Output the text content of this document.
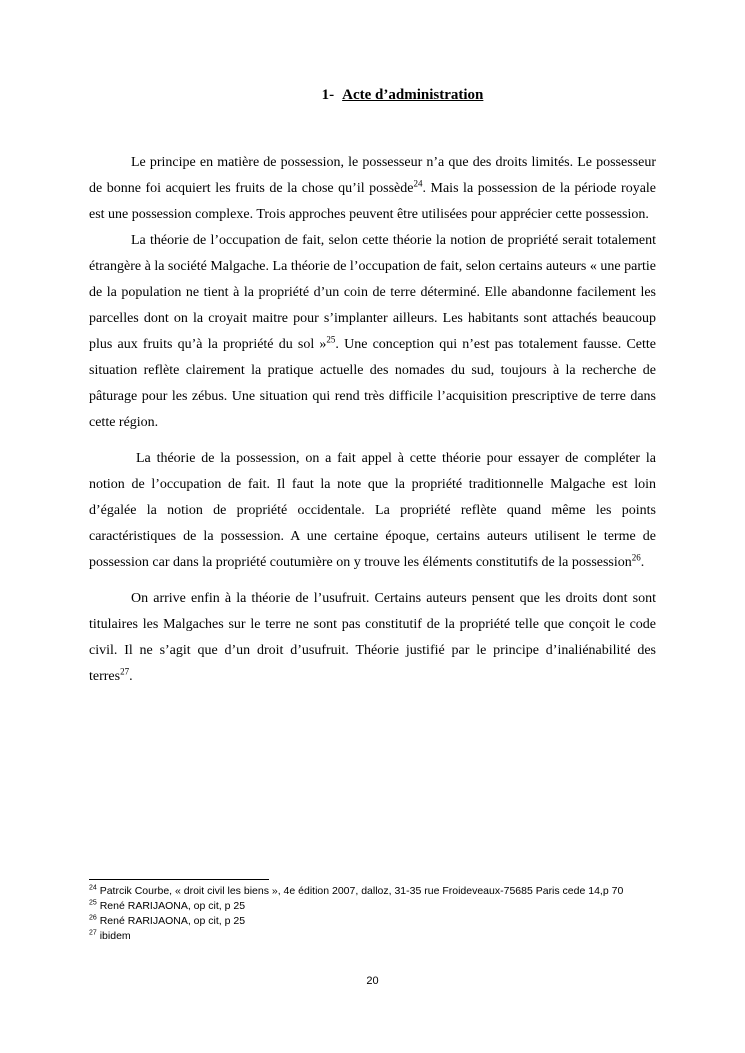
1- Acte d’administration

Le principe en matière de possession, le possesseur n’a que des droits limités. Le possesseur de bonne foi acquiert les fruits de la chose qu’il possède$^{24}$. Mais la possession de la période royale est une possession complexe. Trois approches peuvent être utilisées pour apprécier cette possession.

La théorie de l’occupation de fait, selon cette théorie la notion de propriété serait totalement étrangère à la société Malgache. La théorie de l’occupation de fait, selon certains auteurs « une partie de la population ne tient à la propriété d’un coin de terre déterminé. Elle abandonne facilement les parcelles dont on la croyait maitre pour s’implanter ailleurs. Les habitants sont attachés beaucoup plus aux fruits qu’à la propriété du sol »$^{25}$. Une conception qui n’est pas totalement fausse. Cette situation reflète clairement la pratique actuelle des nomades du sud, toujours à la recherche de pâturage pour les zébus. Une situation qui rend très difficile l’acquisition prescriptive de terre dans cette région.

La théorie de la possession, on a fait appel à cette théorie pour essayer de compléter la notion de l’occupation de fait. Il faut la note que la propriété traditionnelle Malgache est loin d’égalée la notion de propriété occidentale. La propriété reflète quand même les points caractéristiques de la possession. A une certaine époque, certains auteurs utilisent le terme de possession car dans la propriété coutumière on y trouve les éléments constitutifs de la possession$^{26}$.

On arrive enfin à la théorie de l’usufruit. Certains auteurs pensent que les droits dont sont titulaires les Malgaches sur le terre ne sont pas constitutif de la propriété telle que conçoit le code civil. Il ne s’agit que d’un droit d’usufruit. Théorie justifié par le principe d’inaliénabilité des terres$^{27}$.

$^{24}$ Patrcik Courbe, « droit civil les biens », 4e édition 2007, dalloz, 31-35 rue Froideveaux-75685 Paris cede 14,p 70
$^{25}$ René RARIJAONA, op cit, p 25
$^{26}$ René RARIJAONA, op cit, p 25
$^{27}$ ibidem
20
